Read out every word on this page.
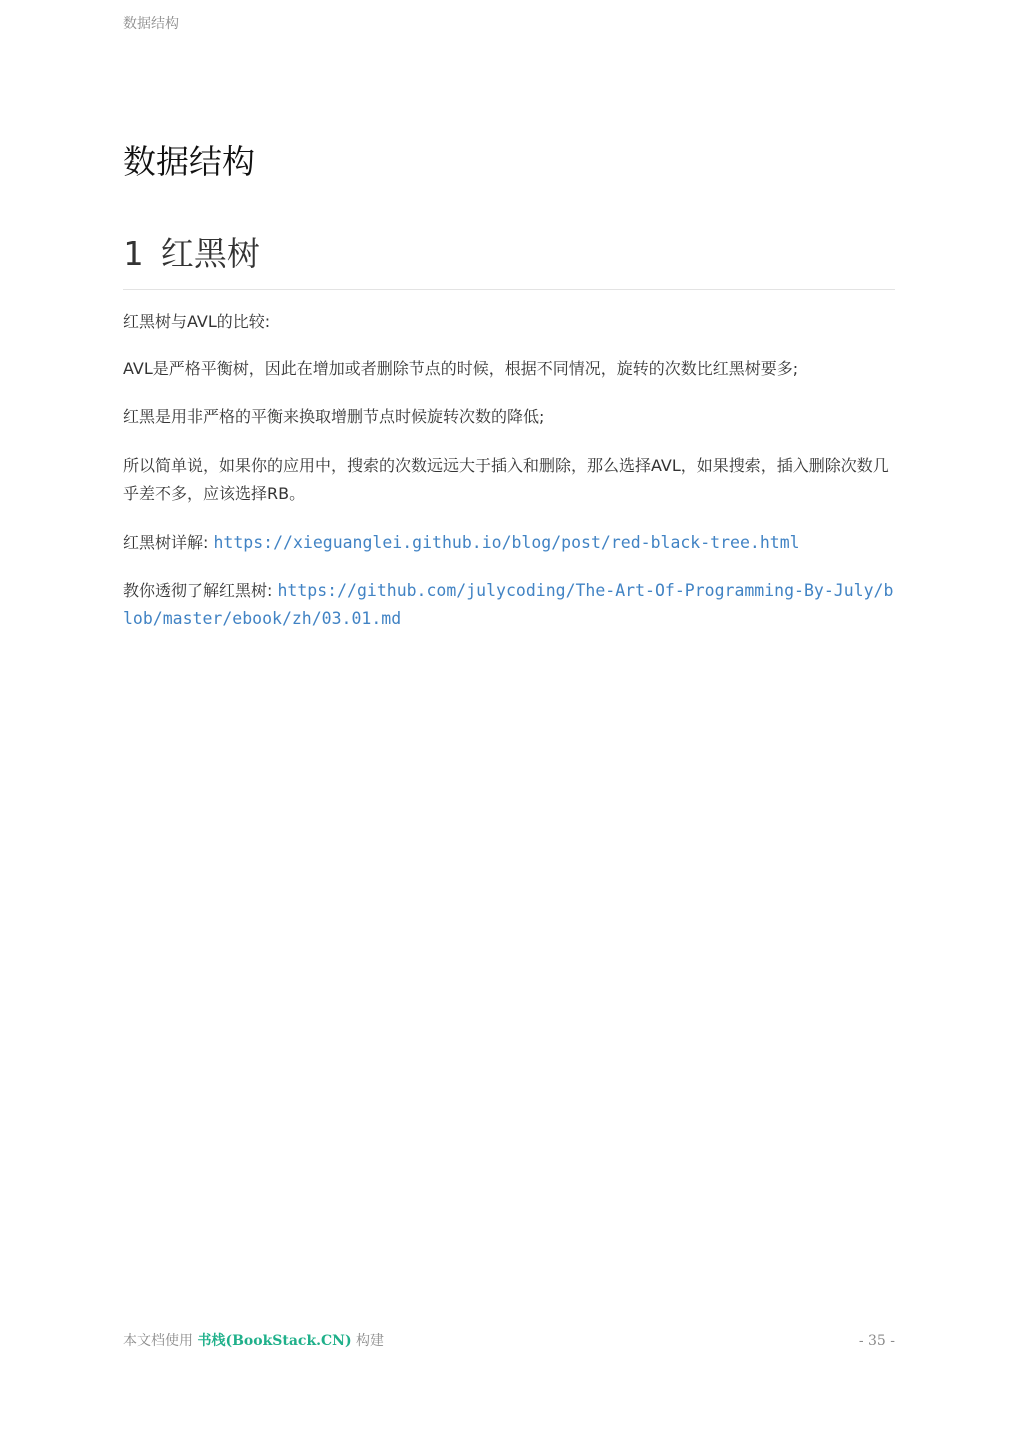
数据结构
数据结构
1 红黑树

红黑树与AVL的比较:

AVL是严格平衡树，因此在增加或者删除节点的时候，根据不同情况，旋转的次数比红黑树要多;

红黑是用非严格的平衡来换取增删节点时候旋转次数的降低;

所以简单说，如果你的应用中，搜索的次数远远大于插入和删除，那么选择AVL，如果搜索，插入删除次数几乎差不多，应该选择RB。

红黑树详解: https://xieguanglei.github.io/blog/post/red-black-tree.html

教你透彻了解红黑树: https://github.com/julycoding/The-Art-Of-Programming-By-July/blob/master/ebook/zh/03.01.md

本文档使用 书栈(BookStack.CN) 构建	- 35 -
